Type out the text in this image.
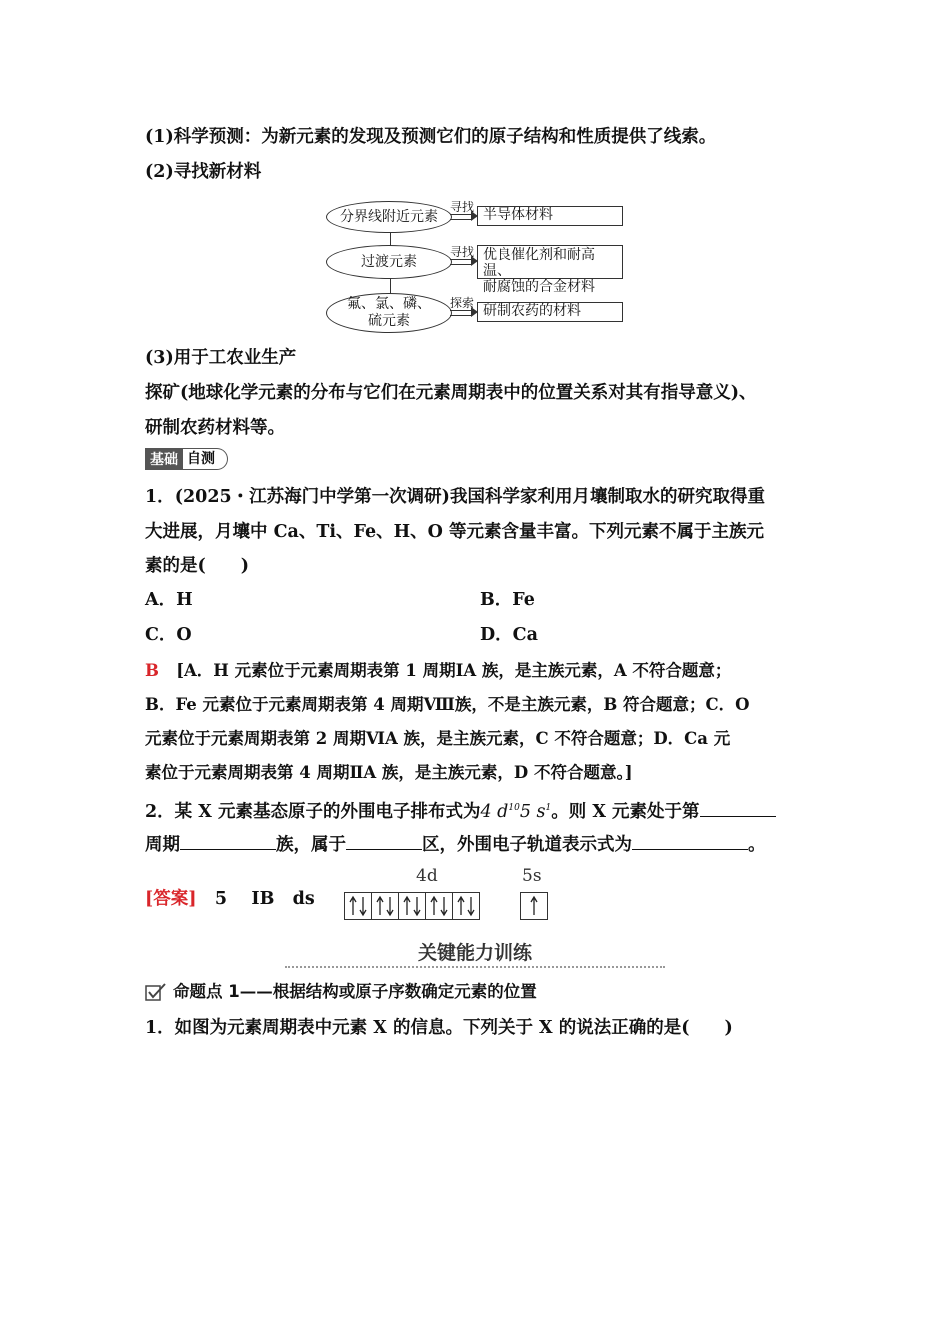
(1)科学预测：为新元素的发现及预测它们的原子结构和性质提供了线索。
(2)寻找新材料
分界线附近元素
寻找 半导体材料
过渡元素
寻找 优良催化剂和耐高温、
耐腐蚀的合金材料
氟、氯、磷、
硫元素
探索 研制农药的材料
(3)用于工农业生产
探矿(地球化学元素的分布与它们在元素周期表中的位置关系对其有指导意义)、
研制农药材料等。
基础 自测
1．(2025・江苏海门中学第一次调研)我国科学家利用月壤制取水的研究取得重
大进展，月壤中 Ca、Ti、Fe、H、O 等元素含量丰富。下列元素不属于主族元
素的是(　　)
A．H	B．Fe
C．O	D．Ca
B [A．H 元素位于元素周期表第 1 周期ⅠA 族，是主族元素，A 不符合题意；
B．Fe 元素位于元素周期表第 4 周期Ⅷ族，不是主族元素，B 符合题意；C．O
元素位于元素周期表第 2 周期ⅥA 族，是主族元素，C 不符合题意；D．Ca 元
素位于元素周期表第 4 周期ⅡA 族，是主族元素，D 不符合题意。]
2．某 X 元素基态原子的外围电子排布式为4 $d^{10}5$ $s^1$。则 X 元素处于第
周期	族，属于	区，外围电子轨道表示式为	。
[答案] 5 ⅠB ds
4d	5s
关键能力训练
命题点 1 ——根据结构或原子序数确定元素的位置
1．如图为元素周期表中元素 X 的信息。下列关于 X 的说法正确的是(　　)
